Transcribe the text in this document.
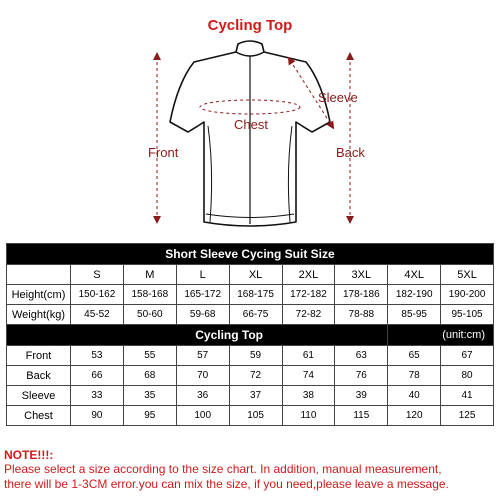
Cycling Top
Front	Back
Sleeve
Chest
Short Sleeve Cycing Suit Size								
	S	M	L	XL	2XL	3XL	4XL	5XL
Height(cm)	150-162	158-168	165-172	168-175	172-182	178-186	182-190	190-200
Weight(kg)	45-52	50-60	59-68	66-75	72-82	78-88	85-95	95-105
Cycling Top							(unit:cm)	
Front	53	55	57	59	61	63	65	67
Back	66	68	70	72	74	76	78	80
Sleeve	33	35	36	37	38	39	40	41
Chest	90	95	100	105	110	115	120	125
NOTE!!!:
Please select a size according to the size chart. In addition, manual measurement,
there will be 1-3CM error.you can mix the size, if you need,please leave a message.
